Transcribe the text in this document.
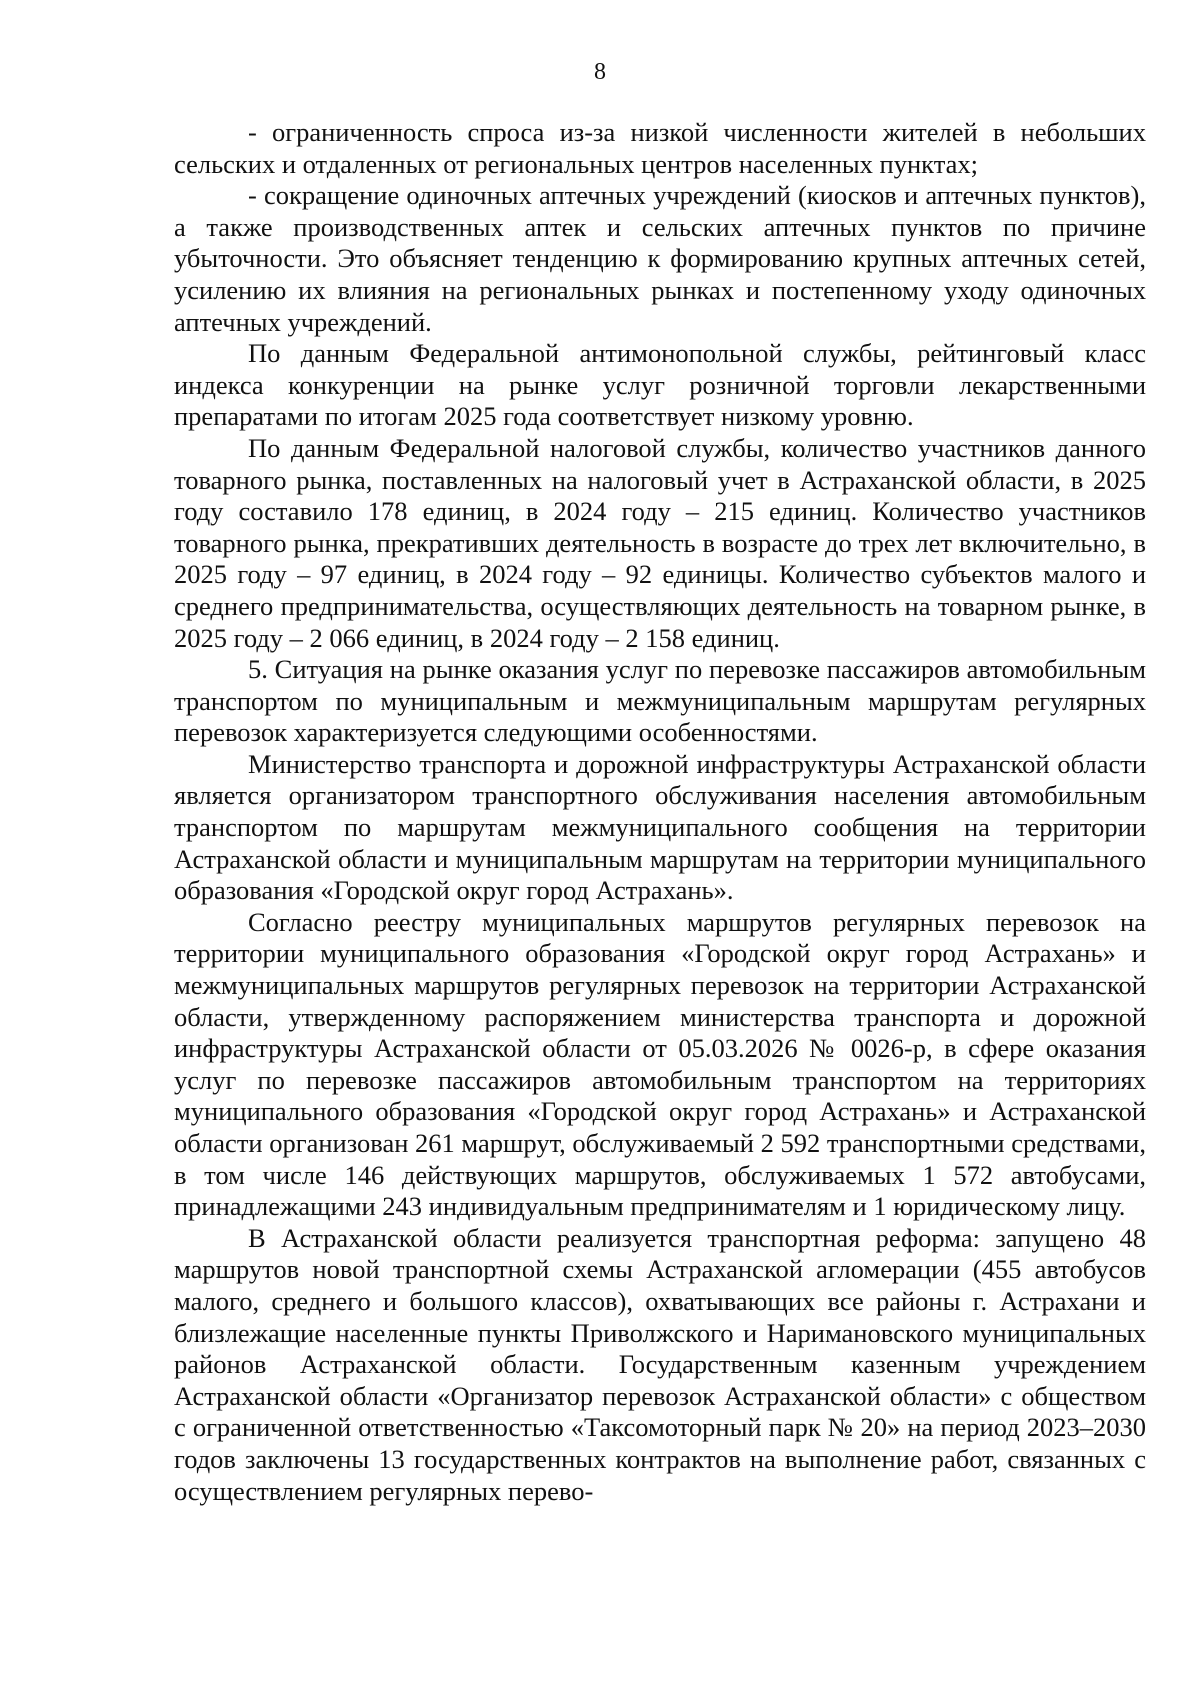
8

- ограниченность спроса из-за низкой численности жителей в небольших сельских и отдаленных от региональных центров населенных пунктах;

- сокращение одиночных аптечных учреждений (киосков и аптечных пунктов), а также производственных аптек и сельских аптечных пунктов по причине убыточности. Это объясняет тенденцию к формированию крупных аптечных сетей, усилению их влияния на региональных рынках и постепенному уходу одиночных аптечных учреждений.

По данным Федеральной антимонопольной службы, рейтинговый класс индекса конкуренции на рынке услуг розничной торговли лекарственными препаратами по итогам 2025 года соответствует низкому уровню.

По данным Федеральной налоговой службы, количество участников данного товарного рынка, поставленных на налоговый учет в Астраханской области, в 2025 году составило 178 единиц, в 2024 году – 215 единиц. Количество участников товарного рынка, прекративших деятельность в возрасте до трех лет включительно, в 2025 году – 97 единиц, в 2024 году – 92 единицы. Количество субъектов малого и среднего предпринимательства, осуществляющих деятельность на товарном рынке, в 2025 году – 2 066 единиц, в 2024 году – 2 158 единиц.

5. Ситуация на рынке оказания услуг по перевозке пассажиров автомобильным транспортом по муниципальным и межмуниципальным маршрутам регулярных перевозок характеризуется следующими особенностями.

Министерство транспорта и дорожной инфраструктуры Астраханской области является организатором транспортного обслуживания населения автомобильным транспортом по маршрутам межмуниципального сообщения на территории Астраханской области и муниципальным маршрутам на территории муниципального образования «Городской округ город Астрахань».

Согласно реестру муниципальных маршрутов регулярных перевозок на территории муниципального образования «Городской округ город Астрахань» и межмуниципальных маршрутов регулярных перевозок на территории Астраханской области, утвержденному распоряжением министерства транспорта и дорожной инфраструктуры Астраханской области от 05.03.2026 № 0026-р, в сфере оказания услуг по перевозке пассажиров автомобильным транспортом на территориях муниципального образования «Городской округ город Астрахань» и Астраханской области организован 261 маршрут, обслуживаемый 2 592 транспортными средствами, в том числе 146 действующих маршрутов, обслуживаемых 1 572 автобусами, принадлежащими 243 индивидуальным предпринимателям и 1 юридическому лицу.

В Астраханской области реализуется транспортная реформа: запущено 48 маршрутов новой транспортной схемы Астраханской агломерации (455 автобусов малого, среднего и большого классов), охватывающих все районы г. Астрахани и близлежащие населенные пункты Приволжского и Наримановского муниципальных районов Астраханской области. Государственным казенным учреждением Астраханской области «Организатор перевозок Астраханской области» с обществом с ограниченной ответственностью «Таксомоторный парк № 20» на период 2023–2030 годов заключены 13 государственных контрактов на выполнение работ, связанных с осуществлением регулярных перево-
